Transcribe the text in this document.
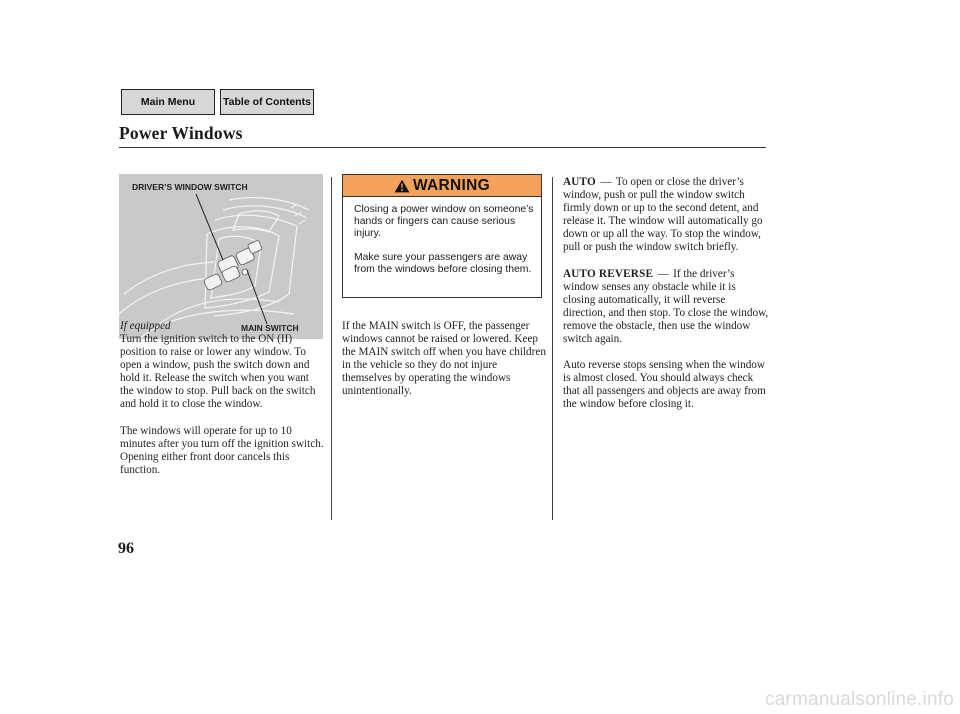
Main Menu	Table of Contents
Power Windows
DRIVER’S WINDOW SWITCH
MAIN SWITCH
If equipped

Turn the ignition switch to the ON (II) position to raise or lower any window. To open a window, push the switch down and hold it. Release the switch when you want the window to stop. Pull back on the switch and hold it to close the window.

The windows will operate for up to 10 minutes after you turn off the ignition switch. Opening either front door cancels this function.

WARNING

Closing a power window on someone’s hands or fingers can cause serious injury.

Make sure your passengers are away from the windows before closing them.

If the MAIN switch is OFF, the passenger windows cannot be raised or lowered. Keep the MAIN switch off when you have children in the vehicle so they do not injure themselves by operating the windows unintentionally.

AUTO — To open or close the driver’s window, push or pull the window switch firmly down or up to the second detent, and release it. The window will automatically go down or up all the way. To stop the window, pull or push the window switch briefly.

AUTO REVERSE — If the driver’s window senses any obstacle while it is closing automatically, it will reverse direction, and then stop. To close the window, remove the obstacle, then use the window switch again.

Auto reverse stops sensing when the window is almost closed. You should always check that all passengers and objects are away from the window before closing it.

96
carmanualsonline.info
